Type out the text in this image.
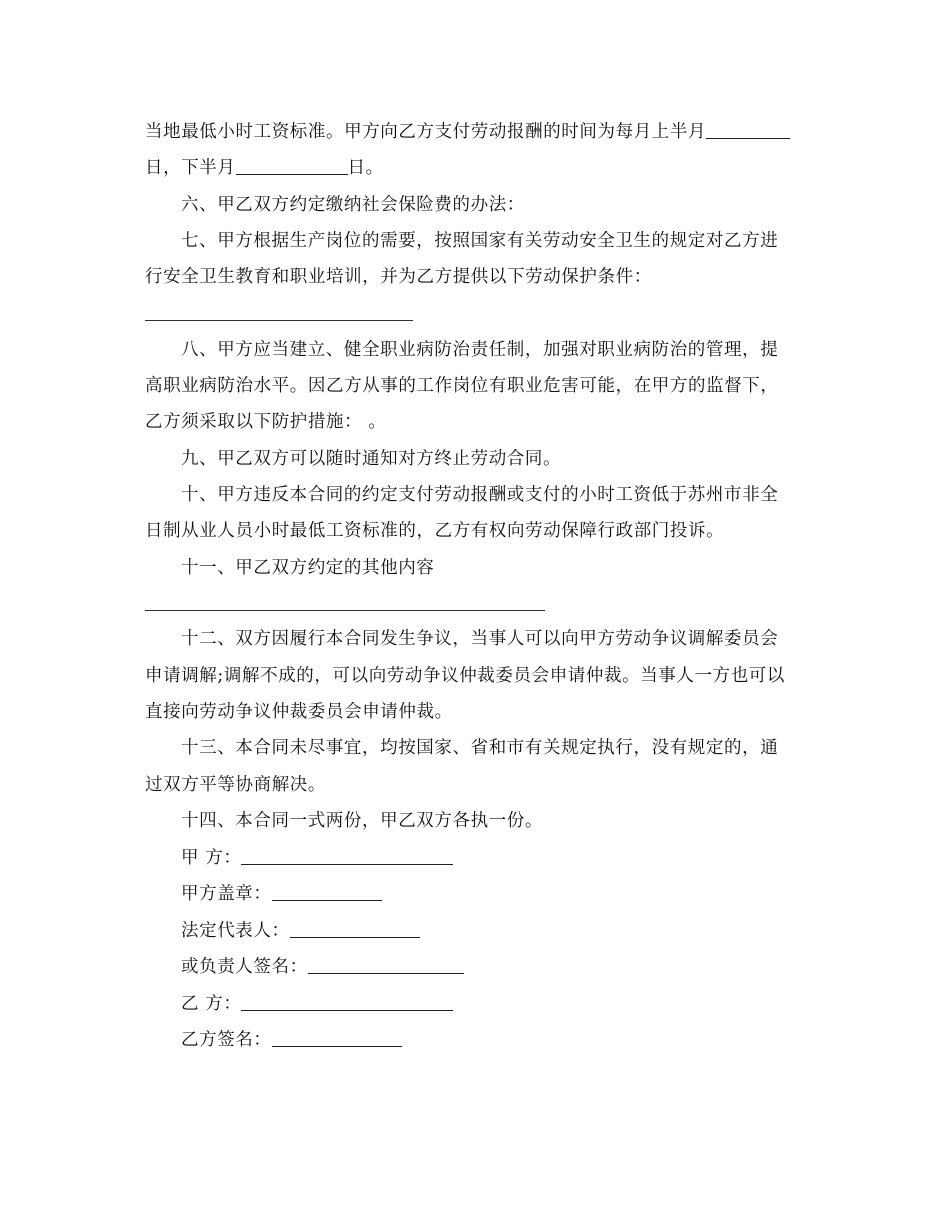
当地最低小时工资标准。甲方向乙方支付劳动报酬的时间为每月上半月

日，下半月	日。

六、甲乙双方约定缴纳社会保险费的办法：

七、甲方根据生产岗位的需要，按照国家有关劳动安全卫生的规定对乙方进

行安全卫生教育和职业培训，并为乙方提供以下劳动保护条件：

八、甲方应当建立、健全职业病防治责任制，加强对职业病防治的管理，提

高职业病防治水平。因乙方从事的工作岗位有职业危害可能，在甲方的监督下，

乙方须采取以下防护措施： 。

九、甲乙双方可以随时通知对方终止劳动合同。

十、甲方违反本合同的约定支付劳动报酬或支付的小时工资低于苏州市非全

日制从业人员小时最低工资标准的，乙方有权向劳动保障行政部门投诉。

十一、甲乙双方约定的其他内容

十二、双方因履行本合同发生争议，当事人可以向甲方劳动争议调解委员会

申请调解;调解不成的，可以向劳动争议仲裁委员会申请仲裁。当事人一方也可以

直接向劳动争议仲裁委员会申请仲裁。

十三、本合同未尽事宜，均按国家、省和市有关规定执行，没有规定的，通

过双方平等协商解决。

十四、本合同一式两份，甲乙双方各执一份。

甲 方：
甲方盖章：
法定代表人：
或负责人签名：
乙 方：
乙方签名：
